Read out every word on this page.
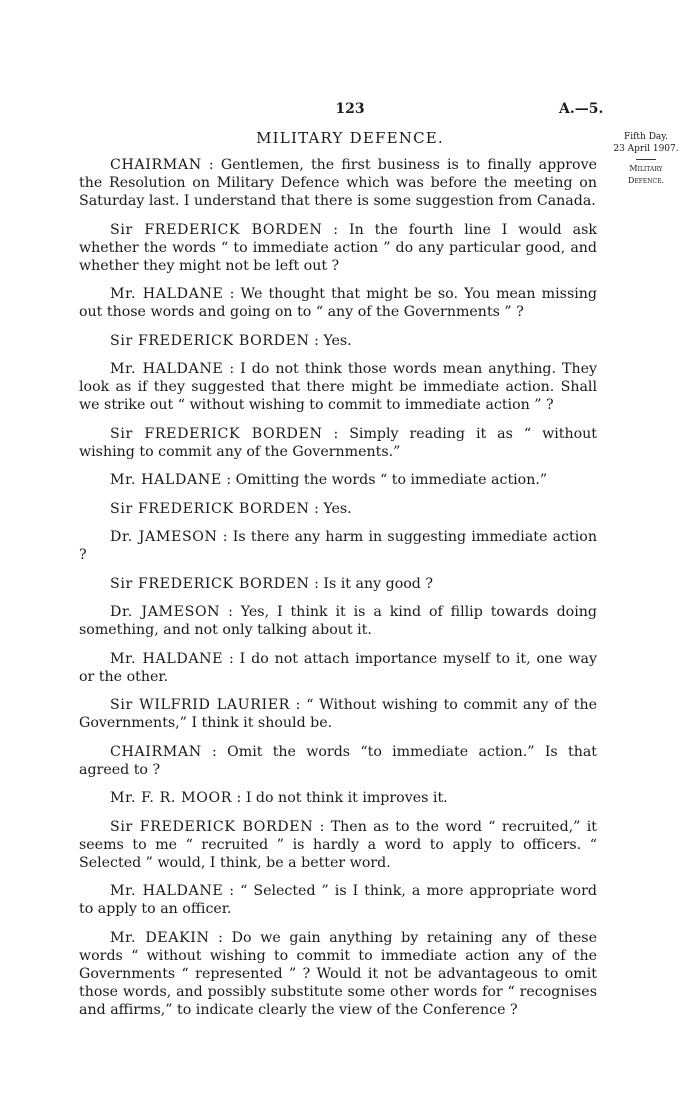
123	A.—5.
MILITARY DEFENCE.	Fifth Day.
23 April 1907.
Military
Defence.

CHAIRMAN : Gentlemen, the first business is to finally approve the Resolution on Military Defence which was before the meeting on Saturday last. I understand that there is some suggestion from Canada.

Sir FREDERICK BORDEN : In the fourth line I would ask whether the words “ to immediate action ” do any particular good, and whether they might not be left out ?

Mr. HALDANE : We thought that might be so. You mean missing out those words and going on to “ any of the Governments ” ?

Sir FREDERICK BORDEN : Yes.

Mr. HALDANE : I do not think those words mean anything. They look as if they suggested that there might be immediate action. Shall we strike out “ without wishing to commit to immediate action ” ?

Sir FREDERICK BORDEN : Simply reading it as “ without wishing to commit any of the Governments.”

Mr. HALDANE : Omitting the words “ to immediate action.”

Sir FREDERICK BORDEN : Yes.

Dr. JAMESON : Is there any harm in suggesting immediate action ?

Sir FREDERICK BORDEN : Is it any good ?

Dr. JAMESON : Yes, I think it is a kind of fillip towards doing something, and not only talking about it.

Mr. HALDANE : I do not attach importance myself to it, one way or the other.

Sir WILFRID LAURIER : “ Without wishing to commit any of the Governments,” I think it should be.

CHAIRMAN : Omit the words “to immediate action.” Is that agreed to ?

Mr. F. R. MOOR : I do not think it improves it.

Sir FREDERICK BORDEN : Then as to the word “ recruited,” it seems to me “ recruited ” is hardly a word to apply to officers. “ Selected ” would, I think, be a better word.

Mr. HALDANE : “ Selected ” is I think, a more appropriate word to apply to an officer.

Mr. DEAKIN : Do we gain anything by retaining any of these words “ without wishing to commit to immediate action any of the Governments “ represented ” ? Would it not be advantageous to omit those words, and possibly substitute some other words for “ recognises and affirms,” to indicate clearly the view of the Conference ?
